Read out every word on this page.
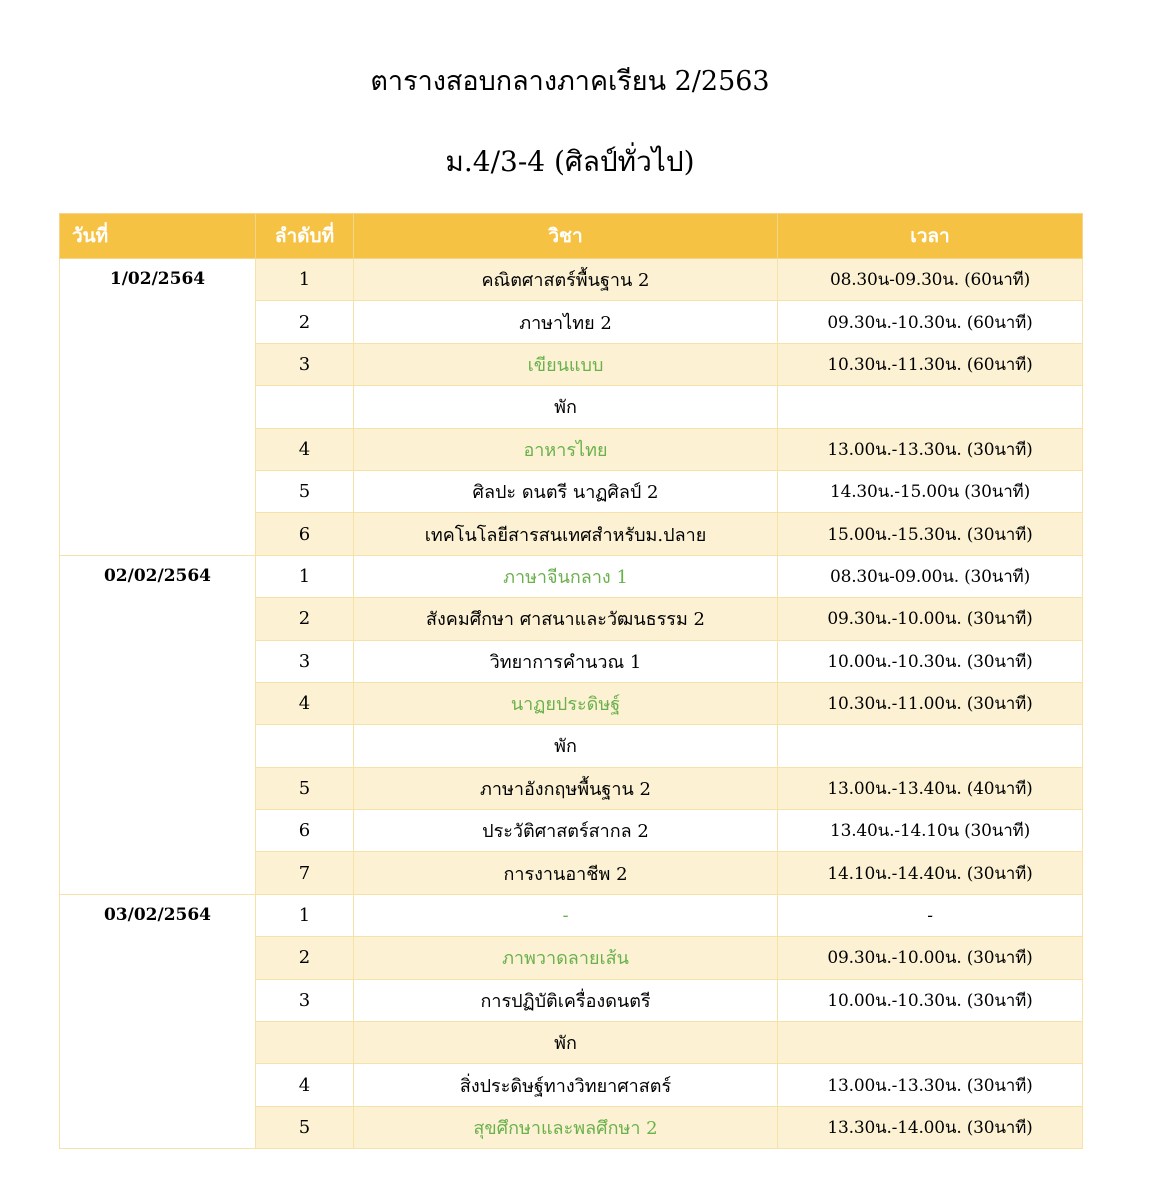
ตารางสอบกลางภาคเรียน 2/2563
ม.4/3-4 (ศิลป์ทั่วไป)
วันที่	ลำดับที่	วิชา	เวลา
1/02/2564	1	คณิตศาสตร์พื้นฐาน 2	08.30น-09.30น. (60นาที)
	2	ภาษาไทย 2	09.30น.-10.30น. (60นาที)
	3	เขียนแบบ	10.30น.-11.30น. (60นาที)
		พัก	
	4	อาหารไทย	13.00น.-13.30น. (30นาที)
	5	ศิลปะ ดนตรี นาฏศิลป์ 2	14.30น.-15.00น (30นาที)
	6	เทคโนโลยีสารสนเทศสำหรับม.ปลาย	15.00น.-15.30น. (30นาที)
02/02/2564	1	ภาษาจีนกลาง 1	08.30น-09.00น. (30นาที)
	2	สังคมศึกษา ศาสนาและวัฒนธรรม 2	09.30น.-10.00น. (30นาที)
	3	วิทยาการคำนวณ 1	10.00น.-10.30น. (30นาที)
	4	นาฏยประดิษฐ์	10.30น.-11.00น. (30นาที)
		พัก	
	5	ภาษาอังกฤษพื้นฐาน 2	13.00น.-13.40น. (40นาที)
	6	ประวัติศาสตร์สากล 2	13.40น.-14.10น (30นาที)
	7	การงานอาชีพ 2	14.10น.-14.40น. (30นาที)
03/02/2564	1	-	-
	2	ภาพวาดลายเส้น	09.30น.-10.00น. (30นาที)
	3	การปฏิบัติเครื่องดนตรี	10.00น.-10.30น. (30นาที)
		พัก	
	4	สิ่งประดิษฐ์ทางวิทยาศาสตร์	13.00น.-13.30น. (30นาที)
	5	สุขศึกษาและพลศึกษา 2	13.30น.-14.00น. (30นาที)
